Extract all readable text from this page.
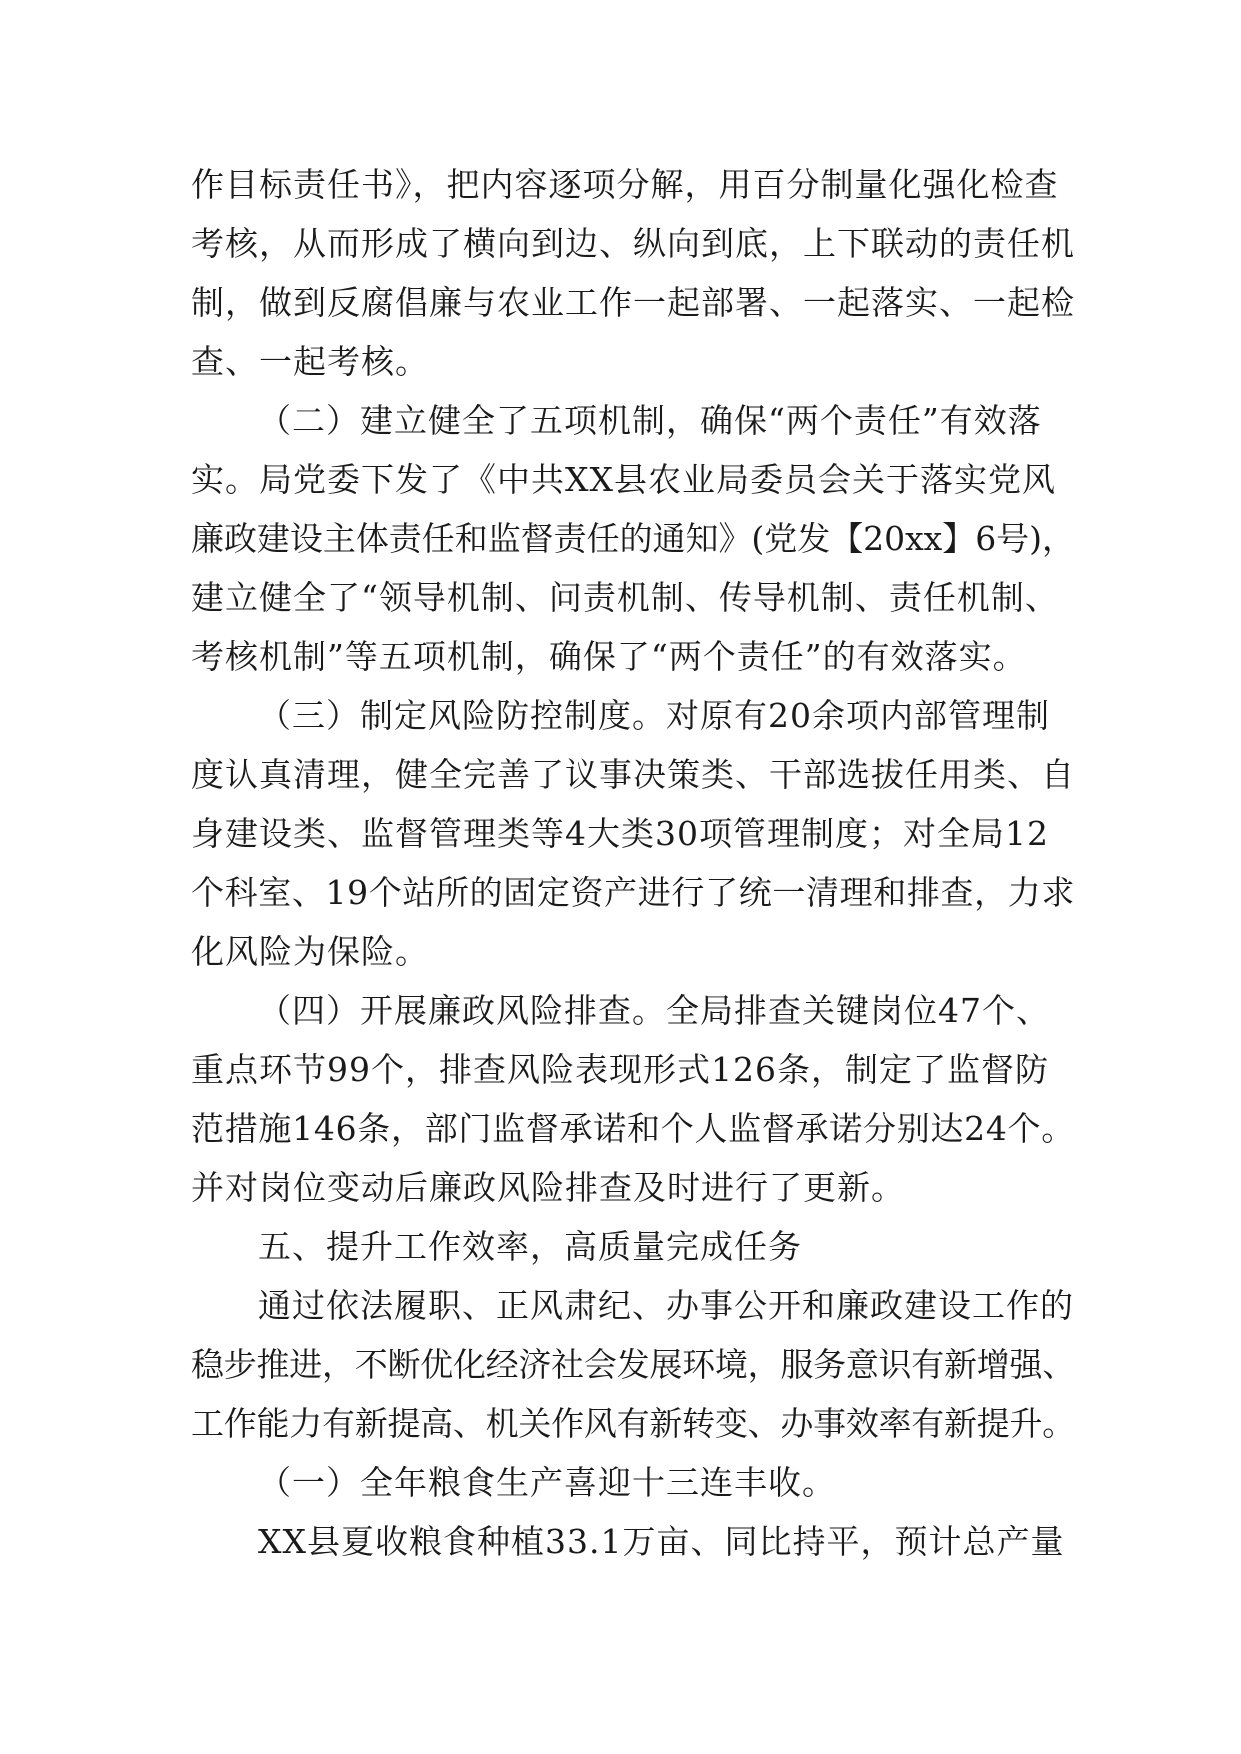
作目标责任书》，把内容逐项分解，用百分制量化强化检查
考核，从而形成了横向到边、纵向到底，上下联动的责任机
制，做到反腐倡廉与农业工作一起部署、一起落实、一起检
查、一起考核。
（二）建立健全了五项机制，确保“两个责任”有效落
实。局党委下发了《中共XX县农业局委员会关于落实党风
廉政建设主体责任和监督责任的通知》(党发【20xx】6号)，
建立健全了“领导机制、问责机制、传导机制、责任机制、
考核机制”等五项机制，确保了“两个责任”的有效落实。
（三）制定风险防控制度。对原有20余项内部管理制
度认真清理，健全完善了议事决策类、干部选拔任用类、自
身建设类、监督管理类等4大类30项管理制度；对全局12
个科室、19个站所的固定资产进行了统一清理和排查，力求
化风险为保险。
（四）开展廉政风险排查。全局排查关键岗位47个、
重点环节99个，排查风险表现形式126条，制定了监督防
范措施146条，部门监督承诺和个人监督承诺分别达24个。
并对岗位变动后廉政风险排查及时进行了更新。
五、提升工作效率，高质量完成任务
通过依法履职、正风肃纪、办事公开和廉政建设工作的
稳步推进，不断优化经济社会发展环境，服务意识有新增强、
工作能力有新提高、机关作风有新转变、办事效率有新提升。
（一）全年粮食生产喜迎十三连丰收。
XX县夏收粮食种植33.1万亩、同比持平，预计总产量
